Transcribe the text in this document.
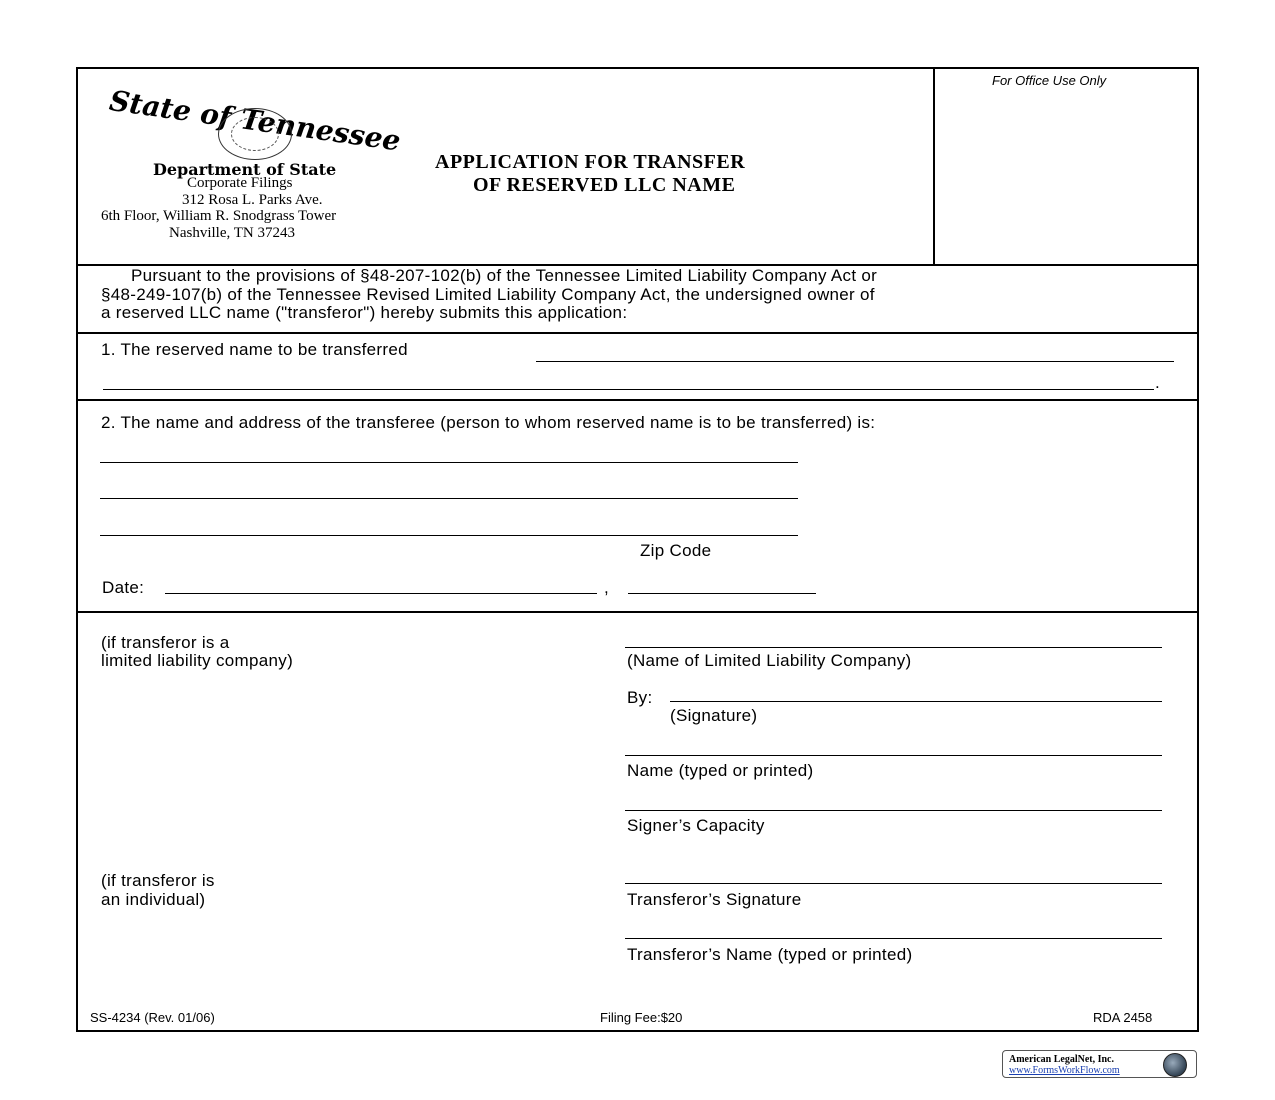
State of Tennessee
Department of State
Corporate Filings
312 Rosa L. Parks Ave.
6th Floor, William R. Snodgrass Tower
Nashville, TN 37243
APPLICATION FOR TRANSFER
OF RESERVED LLC NAME
For Office Use Only
Pursuant to the provisions of §48-207-102(b) of the Tennessee Limited Liability Company Act or
§48-249-107(b) of the Tennessee Revised Limited Liability Company Act, the undersigned owner of
a reserved LLC name ("transferor") hereby submits this application:
1. The reserved name to be transferred
.
2. The name and address of the transferee (person to whom reserved name is to be transferred) is:
Zip Code
Date:	,
(if transferor is a
limited liability company)	(Name of Limited Liability Company)
By:
(Signature)
Name (typed or printed)
Signer’s Capacity
(if transferor is
an individual)	Transferor’s Signature
Transferor’s Name (typed or printed)
SS-4234 (Rev. 01/06)	Filing Fee:$20	RDA 2458
American LegalNet, Inc.
www.FormsWorkFlow.com
